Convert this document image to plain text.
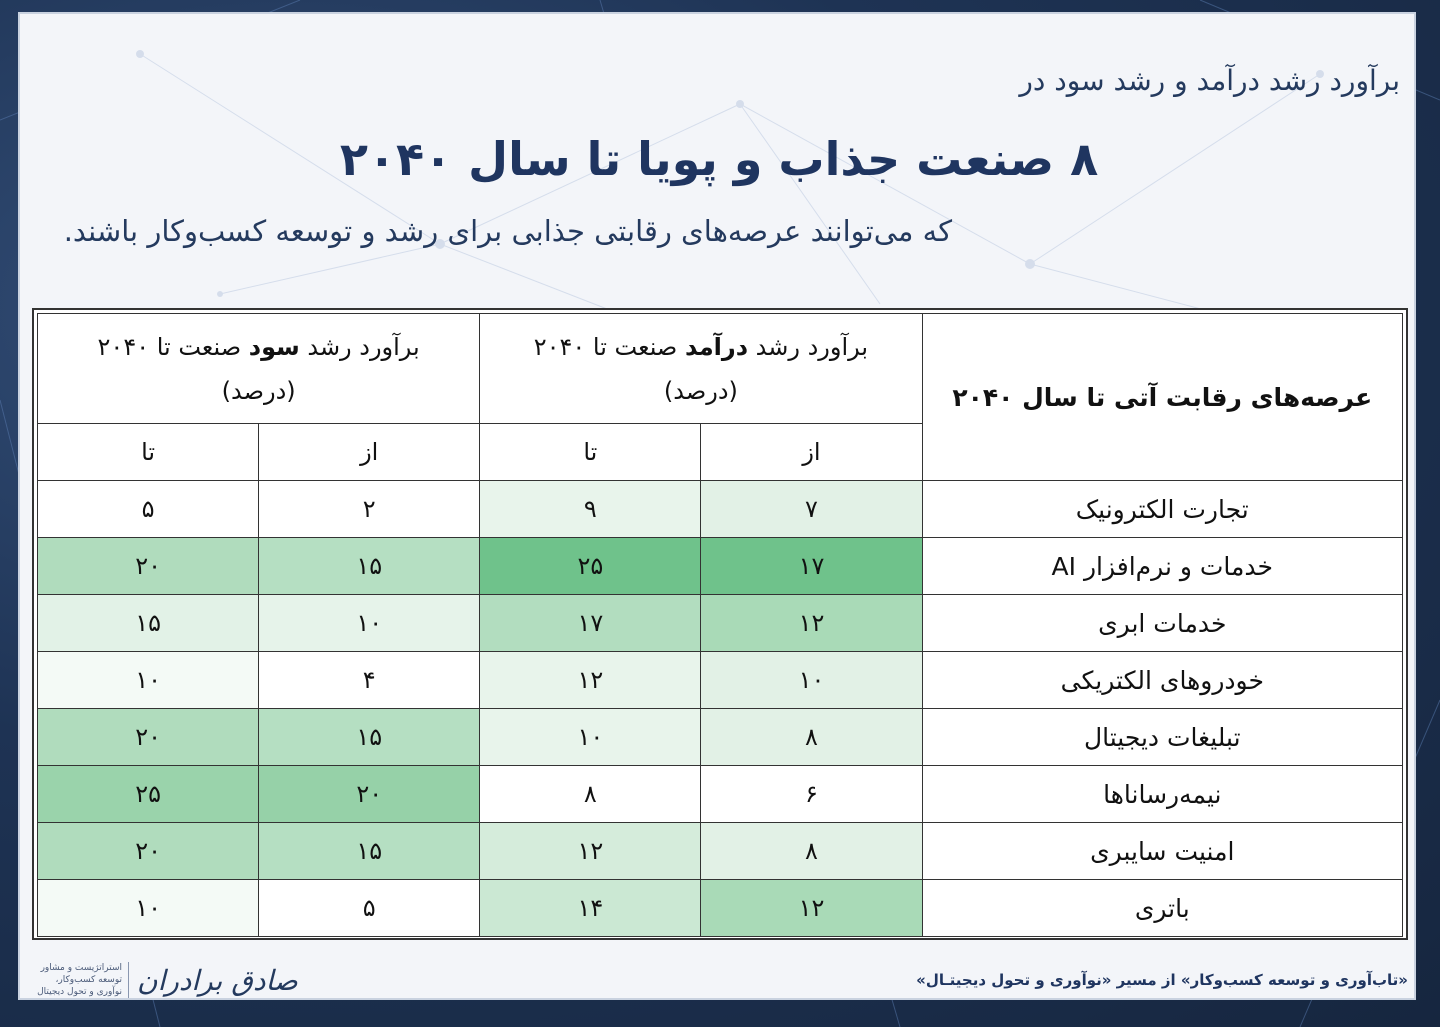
برآورد رشد درآمد و رشد سود در
۸ صنعت جذاب و پویا تا سال ۲۰۴۰
که می‌توانند عرصه‌های رقابتی جذابی برای رشد و توسعه کسب‌وکار باشند.
عرصه‌های رقابت آتی تا سال ۲۰۴۰	برآورد رشد درآمد صنعت تا ۲۰۴۰
(درصد)		برآورد رشد سود صنعت تا ۲۰۴۰
(درصد)	
	از	تا	از	تا
تجارت الکترونیک	۷	۹	۲	۵
خدمات و نرم‌افزار AI	۱۷	۲۵	۱۵	۲۰
خدمات ابری	۱۲	۱۷	۱۰	۱۵
خودروهای الکتریکی	۱۰	۱۲	۴	۱۰
تبلیغات دیجیتال	۸	۱۰	۱۵	۲۰
نیمه‌رسانا‌ها	۶	۸	۲۰	۲۵
امنیت سایبری	۸	۱۲	۱۵	۲۰
باتری	۱۲	۱۴	۵	۱۰
استراتژیست و مشاور توسعه کسب‌وکار، نوآوری و تحول دیجیتال صادق برادران	«تاب‌آوری و توسعه کسب‌وکار» از مسیر «نوآوری و تحول دیجیتـال»
